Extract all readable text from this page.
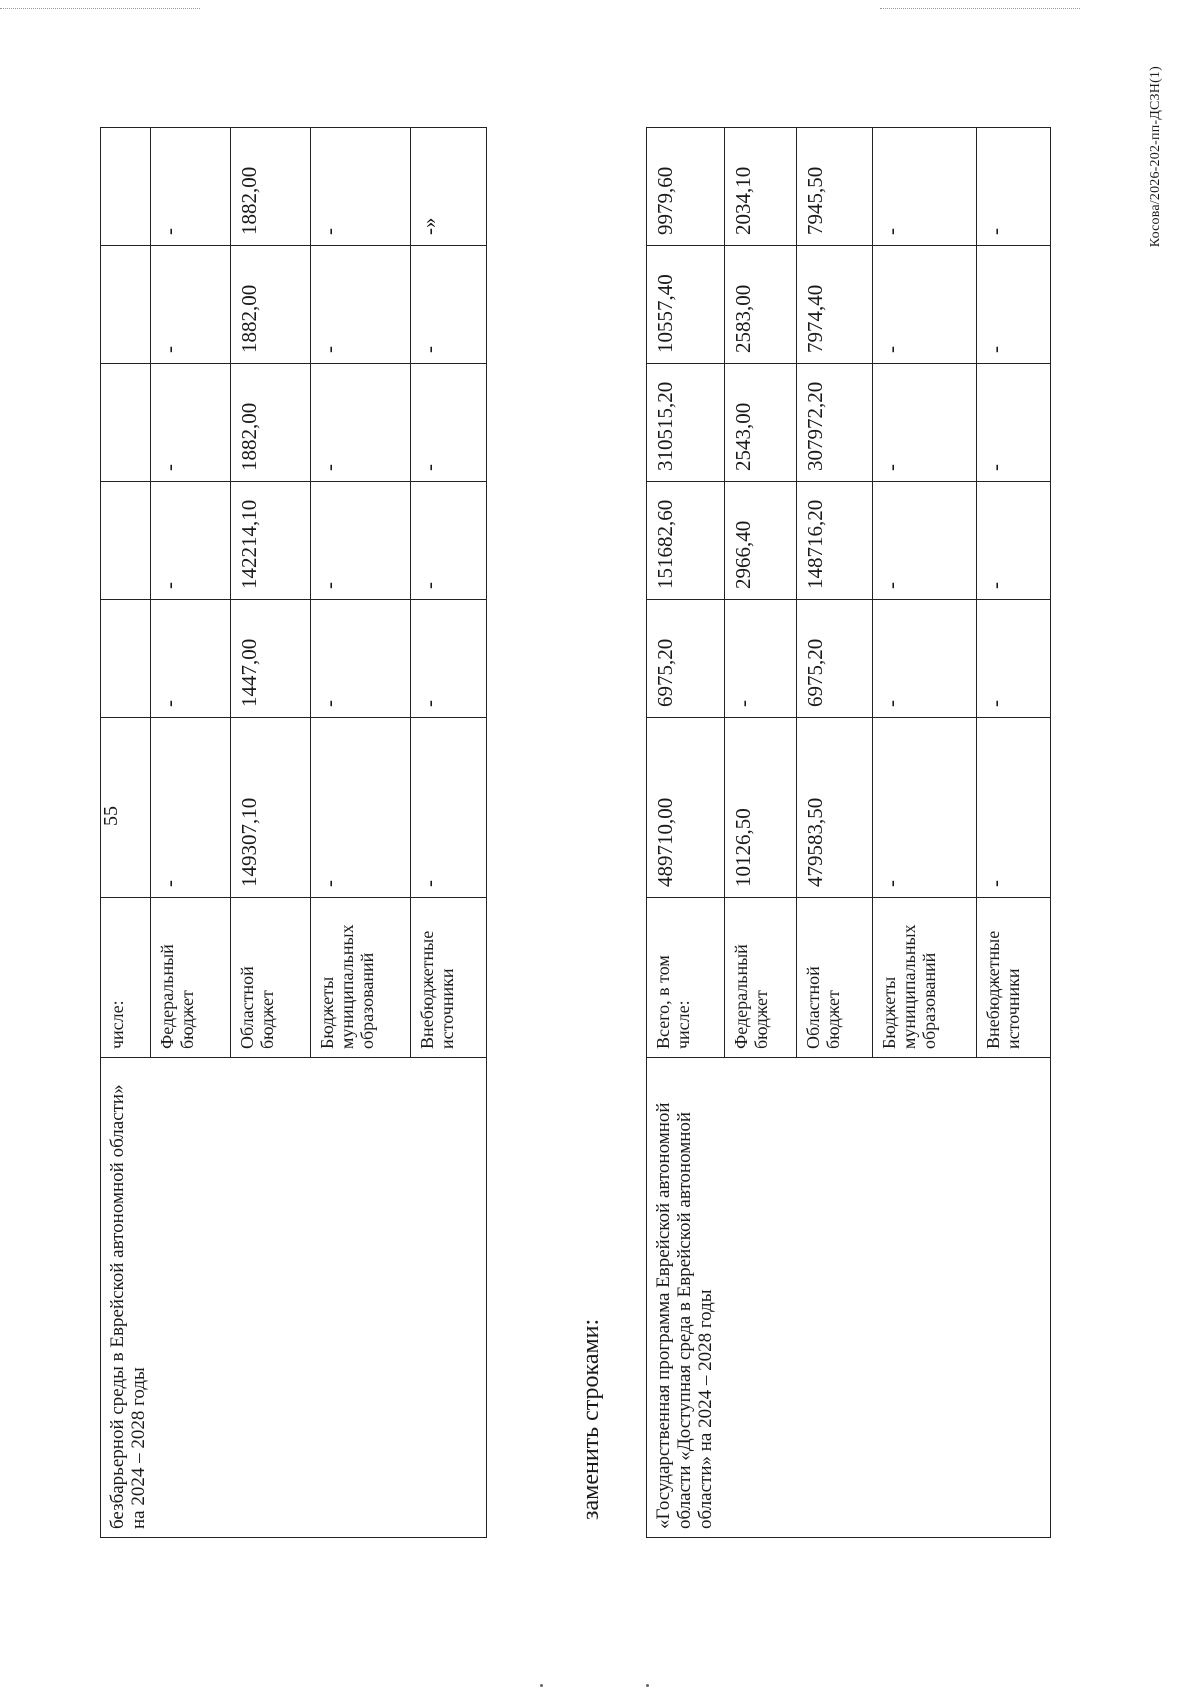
55
безбарьерной среды в Еврейской автономной области» на 2024 – 2028 годы	числе:						
	Федеральный бюджет	-	-	-	-	-	-
	Областной бюджет	149307,10	1447,00	142214,10	1882,00	1882,00	1882,00
	Бюджеты муниципальных образований	-	-	-	-	-	-
	Внебюджетные источники	-	-	-	-	-	-»
заменить строками:	«Государственная программа Еврейской автономной области «Доступная среда в Еврейской автономной области» на 2024 – 2028 годы	Всего, в том числе:	489710,00	6975,20	151682,60	310515,20	10557,40	9979,60
	Федеральный бюджет	10126,50	-	2966,40	2543,00	2583,00	2034,10
	Областной бюджет	479583,50	6975,20	148716,20	307972,20	7974,40	7945,50
	Бюджеты муниципальных образований	-	-	-	-	-	-
	Внебюджетные источники	-	-	-	-	-	-	Косова/2026-202-пп-ДСЗН(1)
